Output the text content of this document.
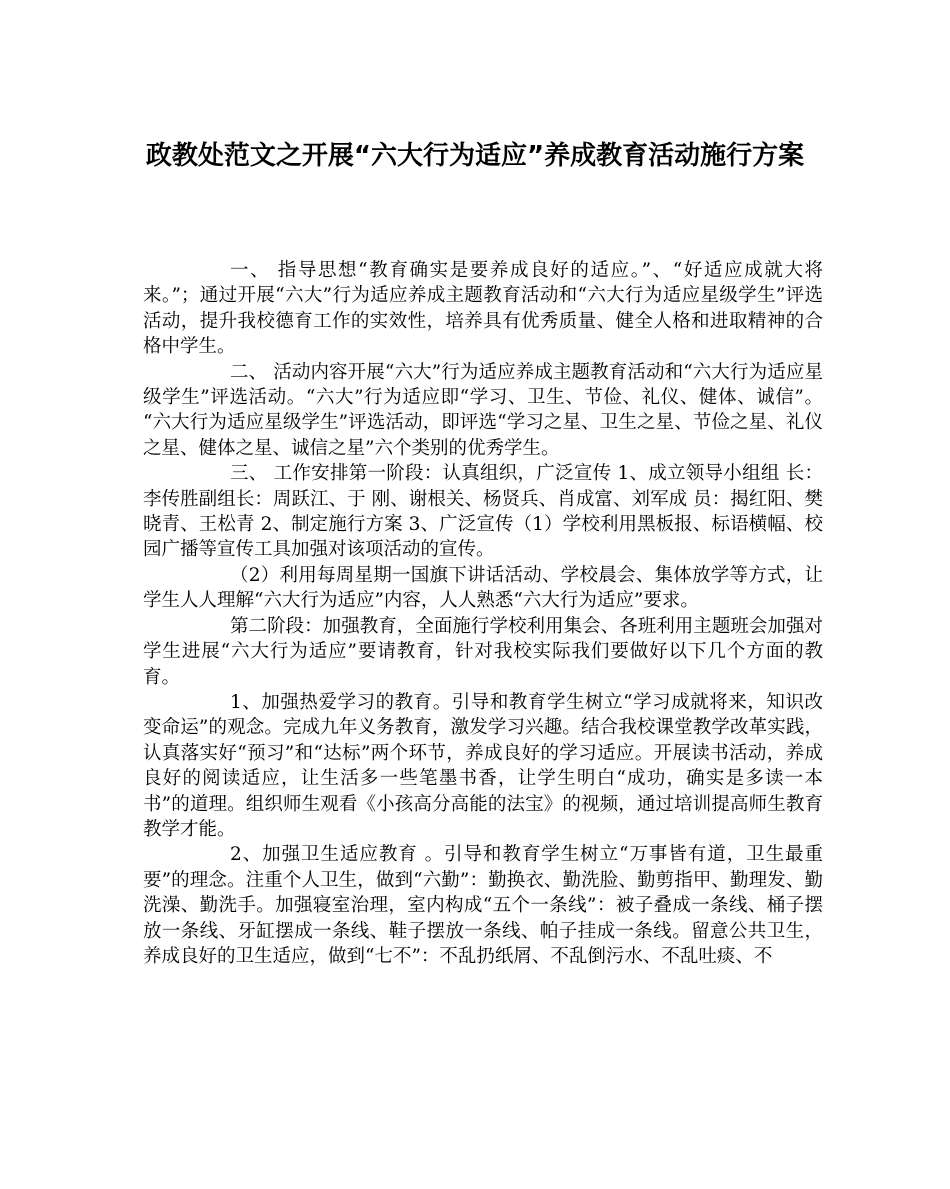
政教处范文之开展“六大行为适应”养成教育活动施行方案

一、 指导思想“教育确实是要养成良好的适应。”、“好适应成就大将来。”；通过开展“六大”行为适应养成主题教育活动和“六大行为适应星级学生”评选活动，提升我校德育工作的实效性，培养具有优秀质量、健全人格和进取精神的合格中学生。

二、 活动内容开展“六大”行为适应养成主题教育活动和“六大行为适应星级学生”评选活动。“六大”行为适应即“学习、卫生、节俭、礼仪、健体、诚信”。 “六大行为适应星级学生”评选活动，即评选“学习之星、卫生之星、节俭之星、礼仪之星、健体之星、诚信之星”六个类别的优秀学生。

三、 工作安排第一阶段：认真组织，广泛宣传 1、成立领导小组组 长：李传胜副组长：周跃江、于 刚、谢根关、杨贤兵、肖成富、刘军成 员：揭红阳、樊晓青、王松青 2、制定施行方案 3、广泛宣传（1）学校利用黑板报、标语横幅、校园广播等宣传工具加强对该项活动的宣传。

（2）利用每周星期一国旗下讲话活动、学校晨会、集体放学等方式，让学生人人理解“六大行为适应”内容，人人熟悉“六大行为适应”要求。

第二阶段：加强教育，全面施行学校利用集会、各班利用主题班会加强对学生进展“六大行为适应”要请教育，针对我校实际我们要做好以下几个方面的教育。

1、加强热爱学习的教育。引导和教育学生树立“学习成就将来，知识改变命运”的观念。完成九年义务教育，激发学习兴趣。结合我校课堂教学改革实践，认真落实好“预习”和“达标”两个环节，养成良好的学习适应。开展读书活动，养成良好的阅读适应，让生活多一些笔墨书香，让学生明白“成功，确实是多读一本书”的道理。组织师生观看《小孩高分高能的法宝》的视频，通过培训提高师生教育教学才能。

2、加强卫生适应教育 。引导和教育学生树立“万事皆有道，卫生最重要”的理念。注重个人卫生，做到“六勤”：勤换衣、勤洗脸、勤剪指甲、勤理发、勤洗澡、勤洗手。加强寝室治理，室内构成“五个一条线”：被子叠成一条线、桶子摆放一条线、牙缸摆成一条线、鞋子摆放一条线、帕子挂成一条线。留意公共卫生，养成良好的卫生适应，做到“七不”：不乱扔纸屑、不乱倒污水、不乱吐痰、不
